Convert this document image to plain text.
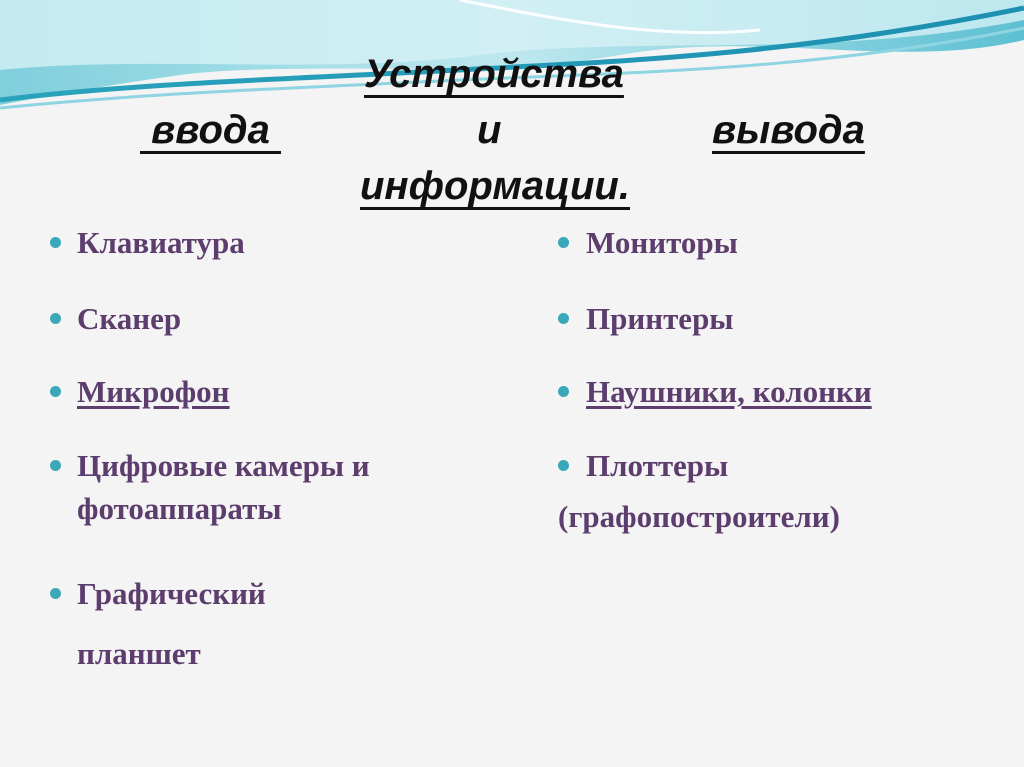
Устройства
ввода	и	вывода
информации.
Клавиатура
Сканер
Микрофон
Цифровые камеры и
фотоаппараты
Графический
планшет
Мониторы
Принтеры
Наушники, колонки
Плоттеры
(графопостроители)
